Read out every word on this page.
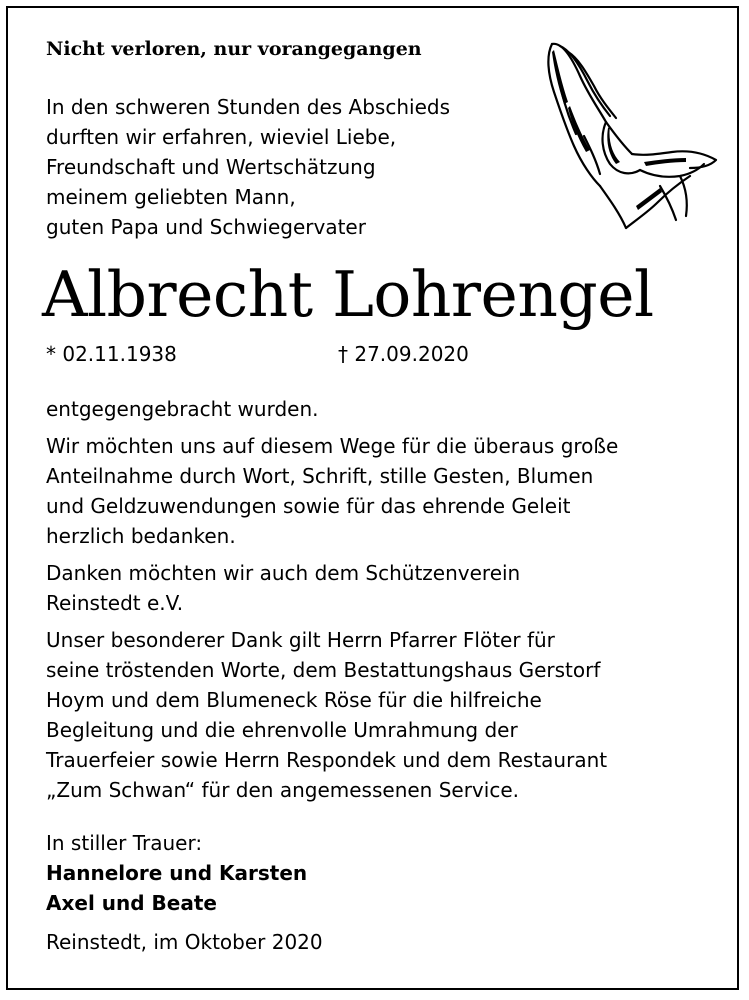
Nicht verloren, nur vorangegangen
In den schweren Stunden des Abschieds
durften wir erfahren, wieviel Liebe,
Freundschaft und Wertschätzung
meinem geliebten Mann,
guten Papa und Schwiegervater
Albrecht Lohrengel
* 02.11.1938	† 27.09.2020
entgegengebracht wurden.
Wir möchten uns auf diesem Wege für die überaus große
Anteilnahme durch Wort, Schrift, stille Gesten, Blumen
und Geldzuwendungen sowie für das ehrende Geleit
herzlich bedanken.
Danken möchten wir auch dem Schützenverein
Reinstedt e.V.
Unser besonderer Dank gilt Herrn Pfarrer Flöter für
seine tröstenden Worte, dem Bestattungshaus Gerstorf
Hoym und dem Blumeneck Röse für die hilfreiche
Begleitung und die ehrenvolle Umrahmung der
Trauerfeier sowie Herrn Respondek und dem Restaurant
„Zum Schwan“ für den angemessenen Service.
In stiller Trauer:
Hannelore und Karsten
Axel und Beate
Reinstedt, im Oktober 2020
